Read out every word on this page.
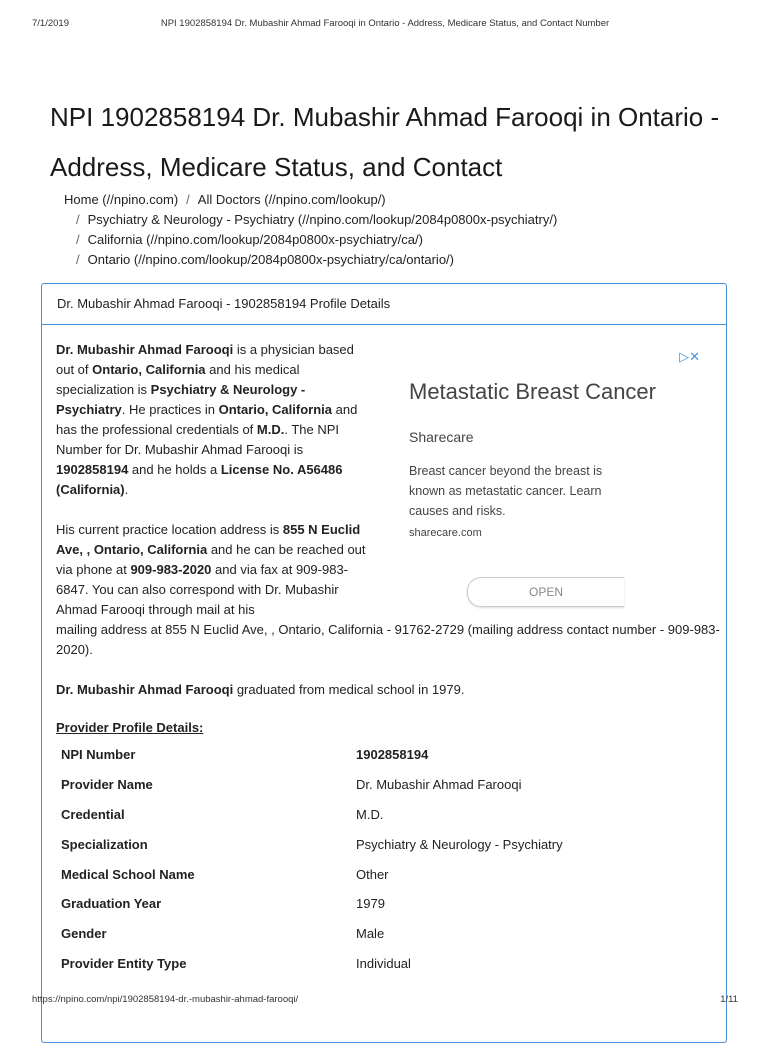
7/1/2019	NPI 1902858194 Dr. Mubashir Ahmad Farooqi in Ontario - Address, Medicare Status, and Contact Number
NPI 1902858194 Dr. Mubashir Ahmad Farooqi in Ontario - Address, Medicare Status, and Contact
Home (//npino.com) / All Doctors (//npino.com/lookup/)
/ Psychiatry & Neurology - Psychiatry (//npino.com/lookup/2084p0800x-psychiatry/)
/ California (//npino.com/lookup/2084p0800x-psychiatry/ca/)
/ Ontario (//npino.com/lookup/2084p0800x-psychiatry/ca/ontario/)
Dr. Mubashir Ahmad Farooqi - 1902858194 Profile Details
Dr. Mubashir Ahmad Farooqi is a physician based out of Ontario, California and his medical specialization is Psychiatry & Neurology - Psychiatry. He practices in Ontario, California and has the professional credentials of M.D.. The NPI Number for Dr. Mubashir Ahmad Farooqi is 1902858194 and he holds a License No. A56486 (California).
His current practice location address is 855 N Euclid Ave, , Ontario, California and he can be reached out via phone at 909-983-2020 and via fax at 909-983-6847. You can also correspond with Dr. Mubashir Ahmad Farooqi through mail at his
mailing address at 855 N Euclid Ave, , Ontario, California - 91762-2729 (mailing address contact number - 909-983-2020).
Dr. Mubashir Ahmad Farooqi graduated from medical school in 1979.
▷✕
Metastatic Breast Cancer
Sharecare
Breast cancer beyond the breast is known as metastatic cancer. Learn causes and risks.
sharecare.com
OPEN
Provider Profile Details:
NPI Number	1902858194
Provider Name	Dr. Mubashir Ahmad Farooqi
Credential	M.D.
Specialization	Psychiatry & Neurology - Psychiatry
Medical School Name	Other
Graduation Year	1979
Gender	Male
Provider Entity Type	Individual
https://npino.com/npi/1902858194-dr.-mubashir-ahmad-farooqi/	1/11
